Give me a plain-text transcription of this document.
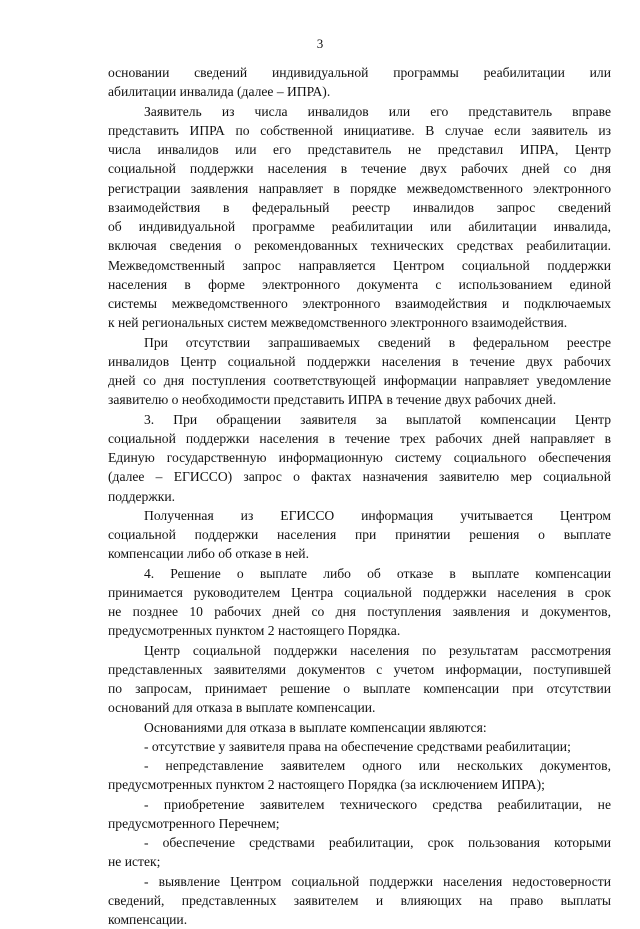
3
основании сведений индивидуальной программы реабилитации или
абилитации инвалида (далее – ИПРА).
Заявитель из числа инвалидов или его представитель вправе
представить ИПРА по собственной инициативе. В случае если заявитель из
числа инвалидов или его представитель не представил ИПРА, Центр
социальной поддержки населения в течение двух рабочих дней со дня
регистрации заявления направляет в порядке межведомственного электронного
взаимодействия в федеральный реестр инвалидов запрос сведений
об индивидуальной программе реабилитации или абилитации инвалида,
включая сведения о рекомендованных технических средствах реабилитации.
Межведомственный запрос направляется Центром социальной поддержки
населения в форме электронного документа с использованием единой
системы межведомственного электронного взаимодействия и подключаемых
к ней региональных систем межведомственного электронного взаимодействия.
При отсутствии запрашиваемых сведений в федеральном реестре
инвалидов Центр социальной поддержки населения в течение двух рабочих
дней со дня поступления соответствующей информации направляет уведомление
заявителю о необходимости представить ИПРА в течение двух рабочих дней.
3. При обращении заявителя за выплатой компенсации Центр
социальной поддержки населения в течение трех рабочих дней направляет в
Единую государственную информационную систему социального обеспечения
(далее – ЕГИССО) запрос о фактах назначения заявителю мер социальной
поддержки.
Полученная из ЕГИССО информация учитывается Центром
социальной поддержки населения при принятии решения о выплате
компенсации либо об отказе в ней.
4. Решение о выплате либо об отказе в выплате компенсации
принимается руководителем Центра социальной поддержки населения в срок
не позднее 10 рабочих дней со дня поступления заявления и документов,
предусмотренных пунктом 2 настоящего Порядка.
Центр социальной поддержки населения по результатам рассмотрения
представленных заявителями документов с учетом информации, поступившей
по запросам, принимает решение о выплате компенсации при отсутствии
оснований для отказа в выплате компенсации.
Основаниями для отказа в выплате компенсации являются:
- отсутствие у заявителя права на обеспечение средствами реабилитации;
- непредставление заявителем одного или нескольких документов,
предусмотренных пунктом 2 настоящего Порядка (за исключением ИПРА);
- приобретение заявителем технического средства реабилитации, не
предусмотренного Перечнем;
- обеспечение средствами реабилитации, срок пользования которыми
не истек;
- выявление Центром социальной поддержки населения недостоверности
сведений, представленных заявителем и влияющих на право выплаты
компенсации.
